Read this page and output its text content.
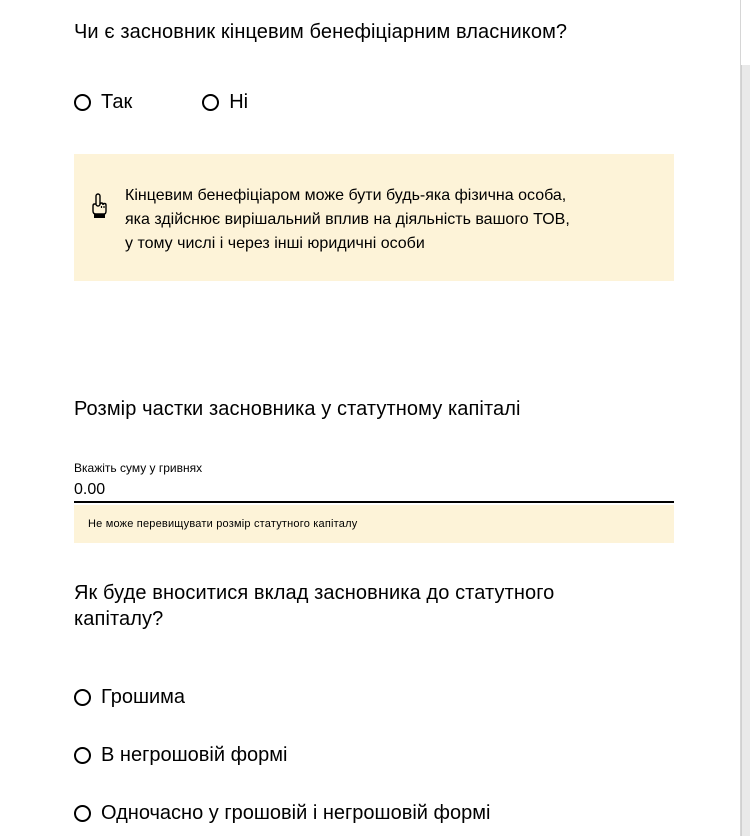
Чи є засновник кінцевим бенефіціарним власником?

Так	Ні
Кінцевим бенефіціаром може бути будь-яка фізична особа,
яка здійснює вирішальний вплив на діяльність вашого ТОВ,
у тому числі і через інші юридичні особи

Розмір частки засновника у статутному капіталі

Вкажіть суму у гривнях
0.00
Не може перевищувати розмір статутного капіталу

Як буде вноситися вклад засновника до статутного
капіталу?

Грошима
В негрошовій формі
Одночасно у грошовій і негрошовій формі
